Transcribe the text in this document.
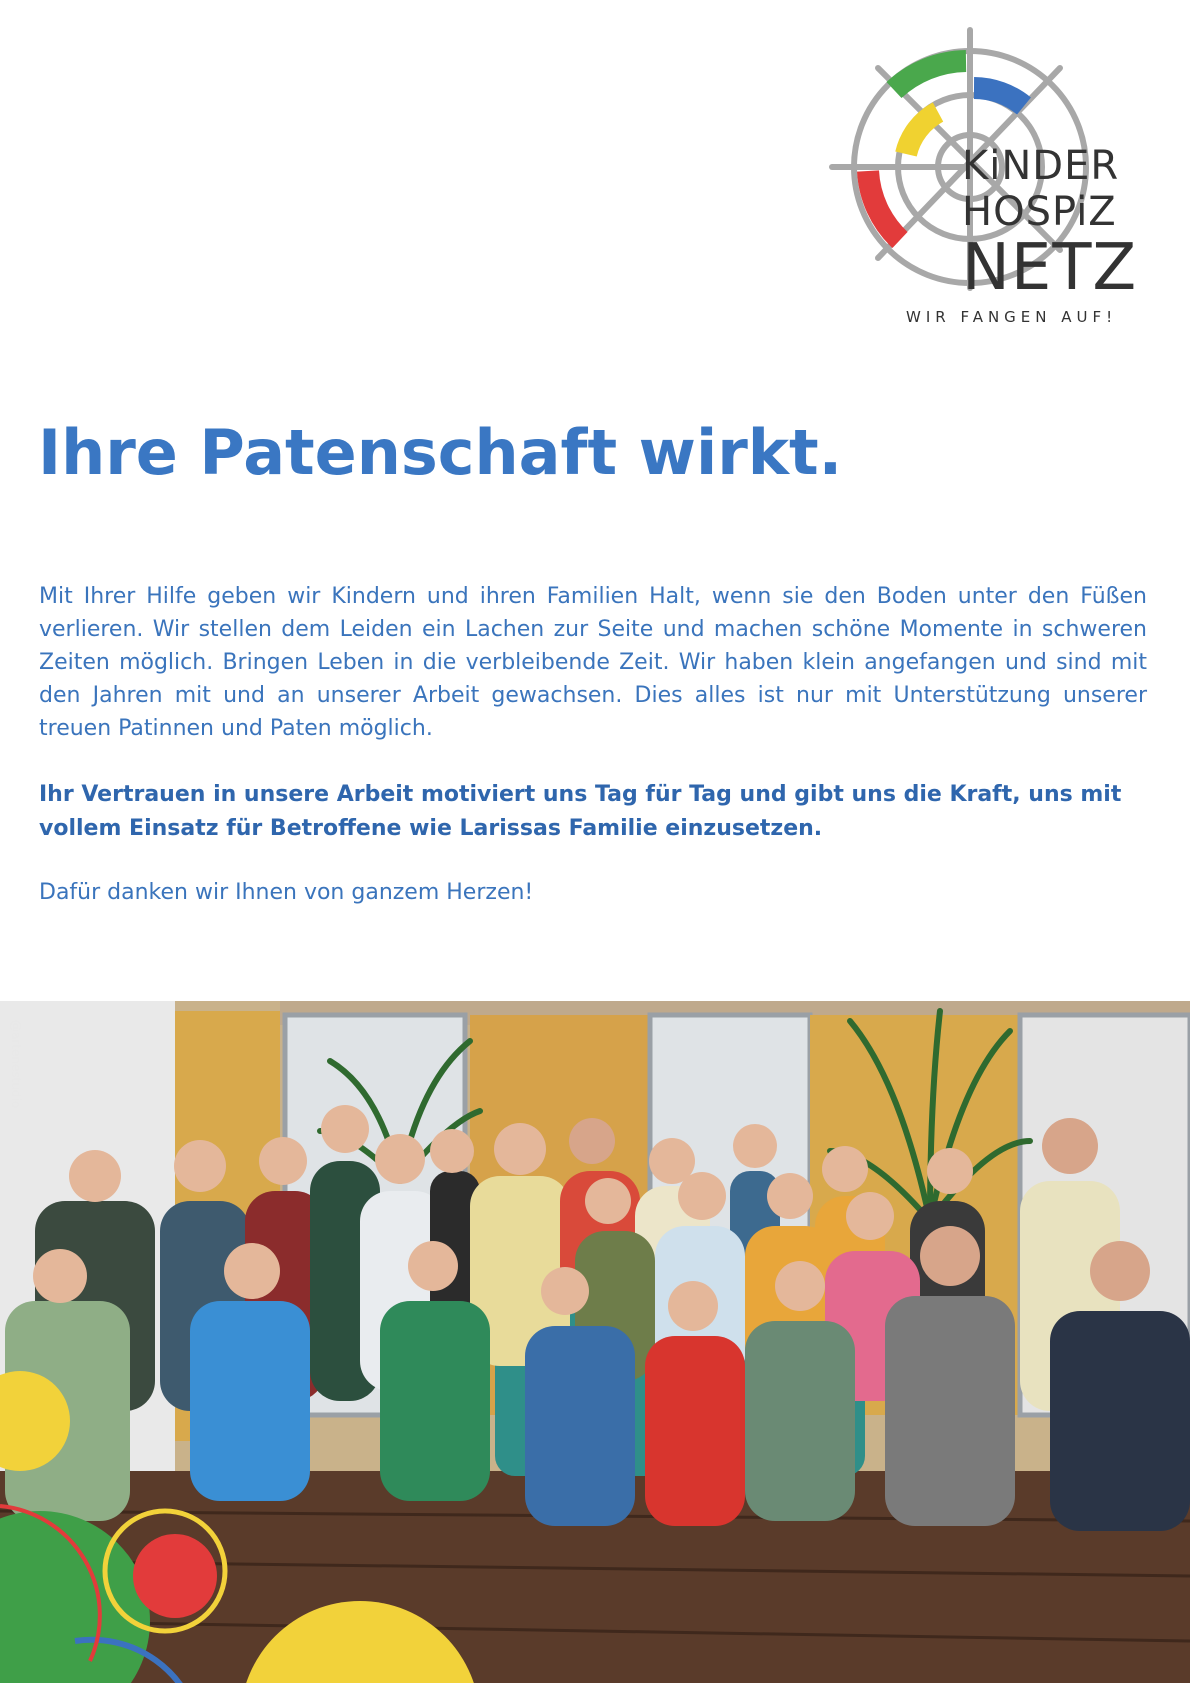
KiNDER
HOSPiZ
NETZ
WIR FANGEN AUF!
Ihre Patenschaft wirkt.

Mit Ihrer Hilfe geben wir Kindern und ihren Familien Halt, wenn sie den Boden unter den Füßen verlieren. Wir stellen dem Leiden ein Lachen zur Seite und machen schöne Momente in schweren Zeiten möglich. Bringen Leben in die verbleibende Zeit. Wir haben klein angefangen und sind mit den Jahren mit und an unserer Arbeit gewachsen. Dies alles ist nur mit Unterstützung unserer treuen Patinnen und Paten möglich.

Ihr Vertrauen in unsere Arbeit motiviert uns Tag für Tag und gibt uns die Kraft, uns mit vollem Einsatz für Betroffene wie Larissas Familie einzusetzen.

Dafür danken wir Ihnen von ganzem Herzen!

@artenestudio
